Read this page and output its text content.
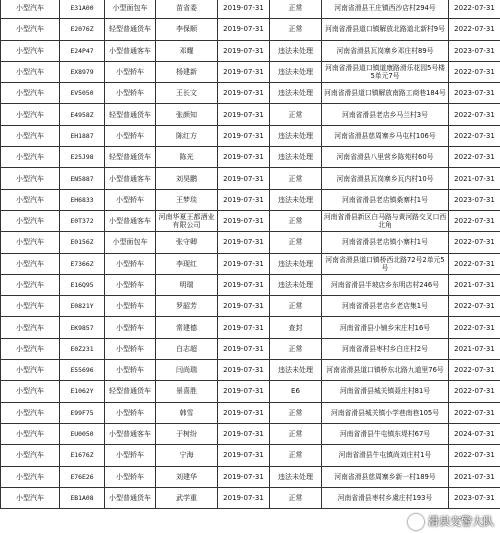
小型汽车	E31A00	小型面包车	苗省委	2019-07-31	正常	河南省滑县王庄镇西沙店村294号	2022-07-31
小型汽车	E2076Z	轻型普通货车	李保顺	2019-07-31	正常	河南省滑县道口镇解放北路道北新村9号	2022-07-31
小型汽车	E24P47	小型普通客车	邓耀	2019-07-31	违法未处理	河南省滑县瓦岗寨乡邓庄村89号	2023-07-31
小型汽车	EX8979	小型轿车	杨建新	2019-07-31	违法未处理	河南省滑县道口镇道康路滑乐花园5号楼5单元7号	2022-07-31
小型汽车	EV5050	小型轿车	王长文	2019-07-31	违法未处理	河南省滑县道口镇解放南路工商巷184号	2023-07-31
小型汽车	E4958Z	轻型普通货车	张颜知	2019-07-31	正常	河南省滑县老店乡马兰村3号	2022-07-31
小型汽车	EH1887	小型轿车	陈红方	2019-07-31	违法未处理	河南省滑县慈周寨乡马屯村106号	2022-07-31
小型汽车	E25J98	轻型普通货车	陈光	2019-07-31	违法未处理	河南省滑县八里营乡陈苑村60号	2022-07-31
小型汽车	EN5887	小型普通客车	刘昊鹏	2019-07-31	正常	河南省滑县瓦岗寨乡瓦内村10号	2021-07-31
小型汽车	EH6833	小型轿车	王梦琰	2019-07-31	违法未处理	河南省滑县老店镇桑寨村1号	2023-07-31
小型汽车	E0T372	小型普通客车	河南华夏王都酒业有限公司	2019-07-31	正常	河南省滑县新区白马路与黄河路交叉口西北角	2022-07-31
小型汽车	E0156Z	小型面包车	张守卿	2019-07-31	正常	河南省滑县老店镇小寨村1号	2022-07-31
小型汽车	E7366Z	小型轿车	李现红	2019-07-31	违法未处理	河南省滑县道口镇桥西北路72号2单元5号	2022-07-31
小型汽车	E16Q95	小型轿车	明瑞	2019-07-31	违法未处理	河南省滑县半坡店乡东明店村246号	2021-07-31
小型汽车	E0821Y	小型轿车	罗韶芳	2019-07-31	正常	河南省滑县老店乡老店集1号	2022-07-31
小型汽车	EK9857	小型轿车	常建德	2019-07-31	查封	河南省滑县小铺乡宋庄村16号	2022-07-31
小型汽车	E0Z231	小型轿车	白志超	2019-07-31	正常	河南省滑县枣村乡白庄村2号	2021-07-31
小型汽车	E55696	小型轿车	闫尚瑞	2019-07-31	违法未处理	河南省滑县道口镇桥东北路九道里76号	2022-07-31
小型汽车	E1062Y	轻型普通货车	景喜胜	2019-07-31	E6	河南省滑县城关镇聂庄村81号	2022-07-31
小型汽车	E99F75	小型轿车	韩雪	2019-07-31	正常	河南省滑县城关镇小学巷南巷105号	2022-07-31
小型汽车	EU0050	小型普通客车	于树纷	2019-07-31	正常	河南省滑县牛屯镇东堤村67号	2024-07-31
小型汽车	E1676Z	小型轿车	宁海	2019-07-31	正常	河南省滑县牛屯镇尚刘庄村1号	2022-07-31
小型汽车	E76E26	小型轿车	刘建华	2019-07-31	违法未处理	河南省滑县慈周寨乡新一村189号	2021-07-31
小型汽车	EB1A08	小型普通货车	武学重	2019-07-31	正常	河南省滑县枣村乡虞庄村193号	2023-07-31
滑县交警大队
